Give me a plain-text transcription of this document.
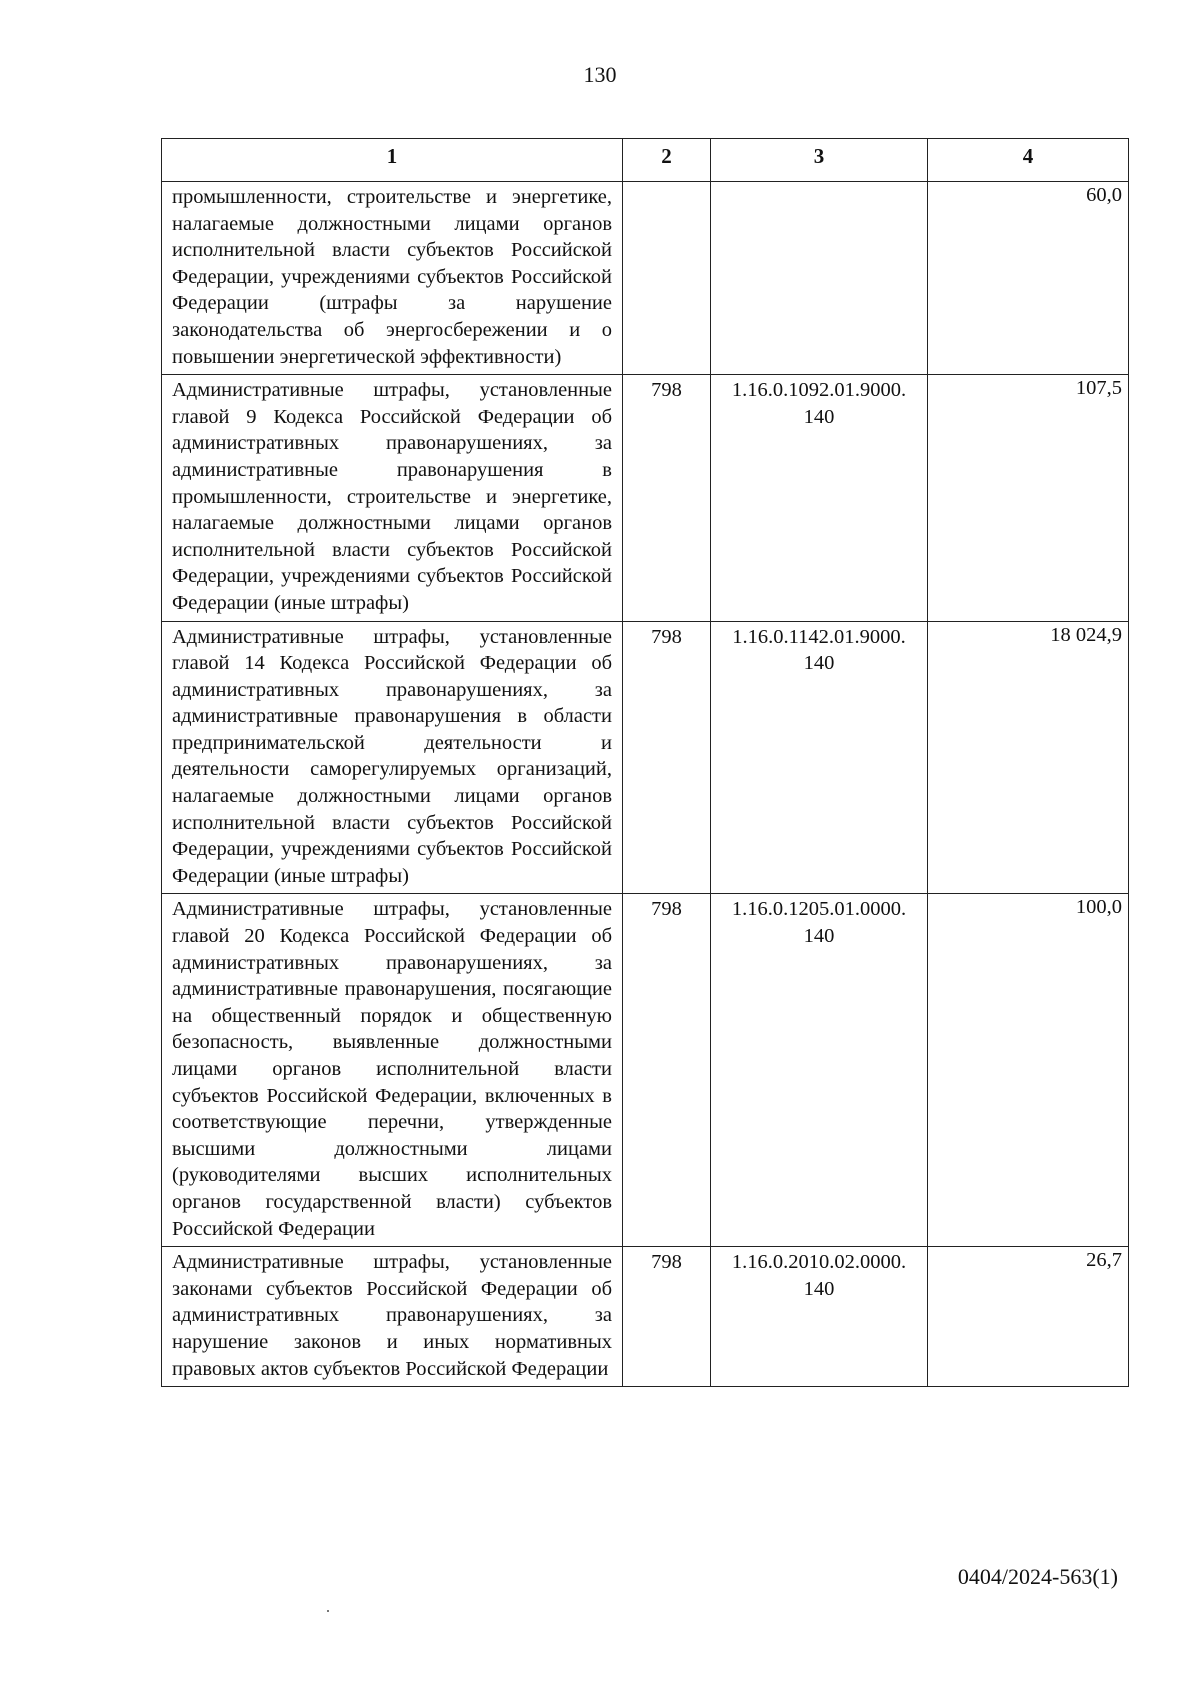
130
1	2	3	4
промышленности, строительстве и энергетике, налагаемые должностными лицами органов исполнительной власти субъектов Российской Федерации, учреждениями субъектов Российской Федерации (штрафы за нарушение законодательства об энергосбережении и о повышении энергетической эффективности)			60,0
Административные штрафы, установленные главой 9 Кодекса Российской Федерации об административных правонарушениях, за административные правонарушения в промышленности, строительстве и энергетике, налагаемые должностными лицами органов исполнительной власти субъектов Российской Федерации, учреждениями субъектов Российской Федерации (иные штрафы)	798	1.16.0.1092.01.9000. 140	107,5
Административные штрафы, установленные главой 14 Кодекса Российской Федерации об административных правонарушениях, за административные правонарушения в области предпринимательской деятельности и деятельности саморегулируемых организаций, налагаемые должностными лицами органов исполнительной власти субъектов Российской Федерации, учреждениями субъектов Российской Федерации (иные штрафы)	798	1.16.0.1142.01.9000. 140	18 024,9
Административные штрафы, установленные главой 20 Кодекса Российской Федерации об административных правонарушениях, за административные правонарушения, посягающие на общественный порядок и общественную безопасность, выявленные должностными лицами органов исполнительной власти субъектов Российской Федерации, включенных в соответствующие перечни, утвержденные высшими должностными лицами (руководителями высших исполнительных органов государственной власти) субъектов Российской Федерации	798	1.16.0.1205.01.0000. 140	100,0
Административные штрафы, установленные законами субъектов Российской Федерации об административных правонарушениях, за нарушение законов и иных нормативных правовых актов субъектов Российской Федерации	798	1.16.0.2010.02.0000. 140	26,7
0404/2024-563(1)
